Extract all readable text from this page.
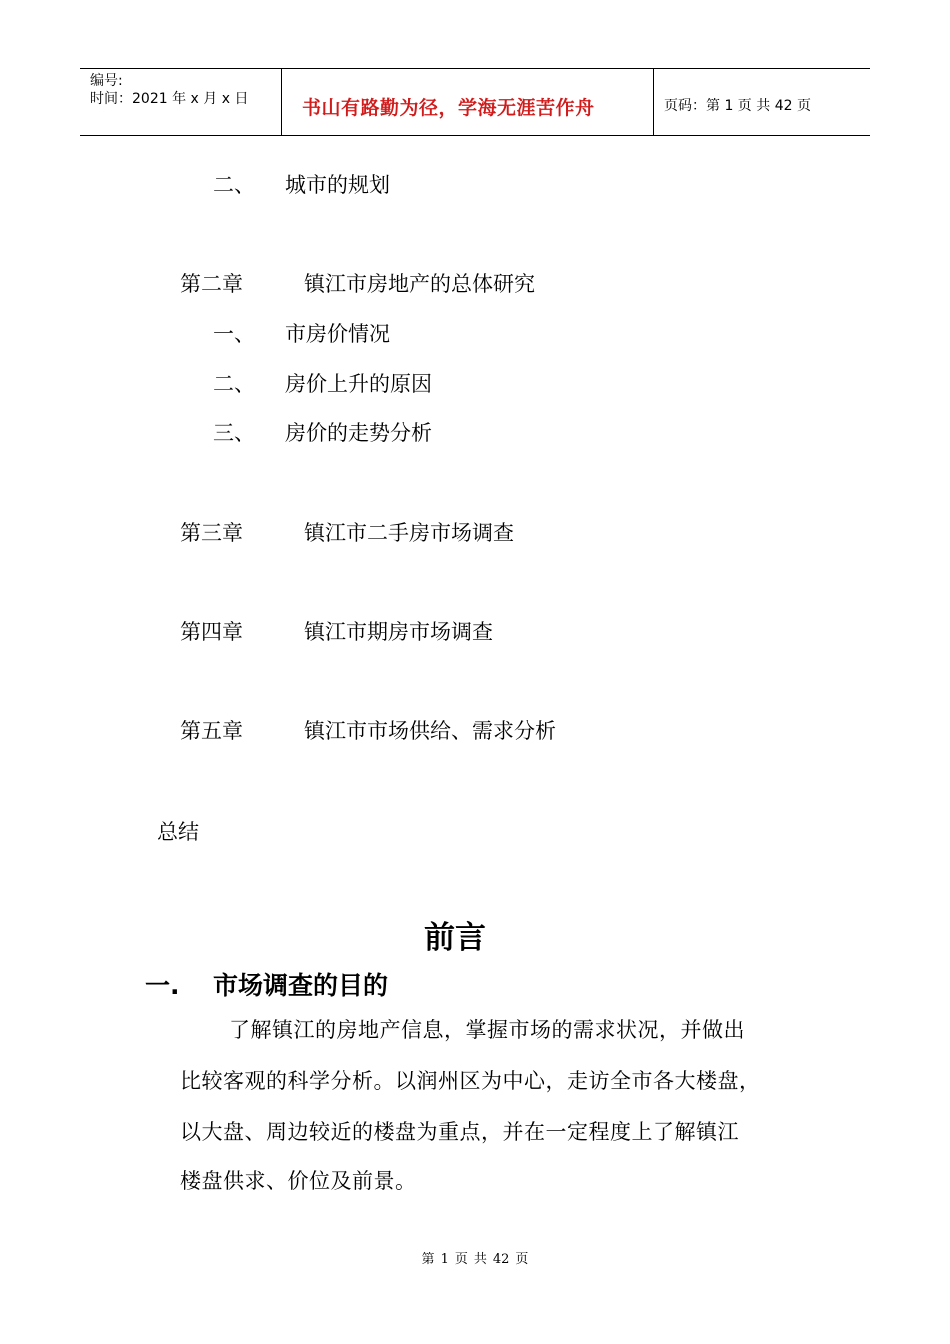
编号:
时间：2021 年 x 月 x 日	书山有路勤为径，学海无涯苦作舟	页码：第 1 页 共 42 页
二、 城市的规划
第二章	镇江市房地产的总体研究
一、 市房价情况
二、 房价上升的原因
三、 房价的走势分析
第三章	镇江市二手房市场调查
第四章	镇江市期房市场调查
第五章	镇江市市场供给、需求分析
总结
前言
一. 市场调查的目的
了解镇江的房地产信息，掌握市场的需求状况，并做出
比较客观的科学分析。以润州区为中心，走访全市各大楼盘，
以大盘、周边较近的楼盘为重点，并在一定程度上了解镇江
楼盘供求、价位及前景。
第 1 页 共 42 页
